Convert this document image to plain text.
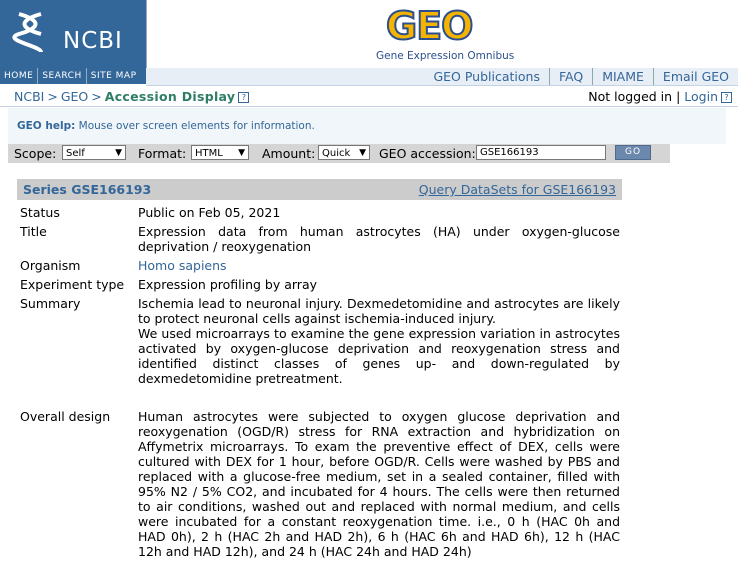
NCBI
HOME SEARCH SITE MAP
GEO
Gene Expression Omnibus
GEO Publications FAQ MIAME Email GEO
NCBI > GEO > Accession Display ?	Not logged in | Login ?
GEO help: Mouse over screen elements for information.
Scope: Self	▼ Format: HTML ▼ Amount: Quick ▼ GEO accession: GSE166193	GO
Series GSE166193	Query DataSets for GSE166193
Status	Public on Feb 05, 2021
Title	Expression data from human astrocytes (HA) under oxygen-glucose deprivation / reoxygenation
Organism	Homo sapiens
Experiment type	Expression profiling by array
Summary	Ischemia lead to neuronal injury. Dexmedetomidine and astrocytes are likely to protect neuronal cells against ischemia-induced injury.
We used microarrays to examine the gene expression variation in astrocytes activated by oxygen-glucose deprivation and reoxygenation stress and identified distinct classes of genes up- and down-regulated by dexmedetomidine pretreatment.
Overall design	Human astrocytes were subjected to oxygen glucose deprivation and reoxygenation (OGD/R) stress for RNA extraction and hybridization on Affymetrix microarrays. To exam the preventive effect of DEX, cells were cultured with DEX for 1 hour, before OGD/R. Cells were washed by PBS and replaced with a glucose-free medium, set in a sealed container, filled with 95% N2 / 5% CO2, and incubated for 4 hours. The cells were then returned to air conditions, washed out and replaced with normal medium, and cells were incubated for a constant reoxygenation time. i.e., 0 h (HAC 0h and HAD 0h), 2 h (HAC 2h and HAD 2h), 6 h (HAC 6h and HAD 6h), 12 h (HAC 12h and HAD 12h), and 24 h (HAC 24h and HAD 24h)
